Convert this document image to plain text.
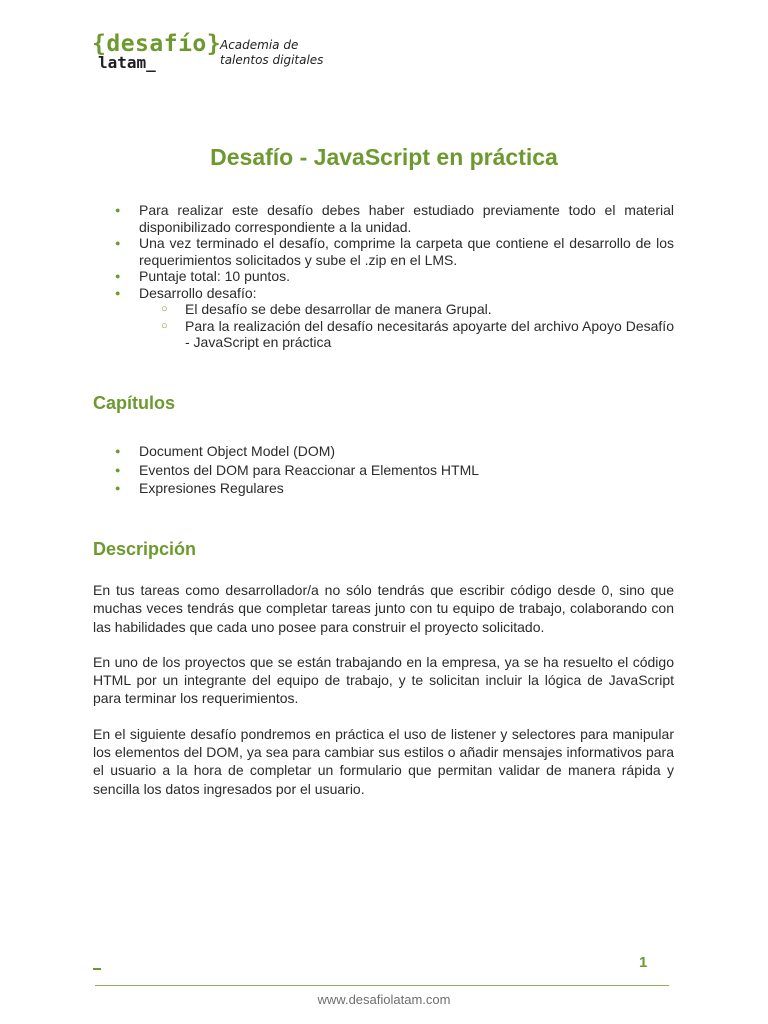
{desafío}
latam_
Academia de
talentos digitales
Desafío - JavaScript en práctica
● Para realizar este desafío debes haber estudiado previamente todo el material disponibilizado correspondiente a la unidad.
● Una vez terminado el desafío, comprime la carpeta que contiene el desarrollo de los requerimientos solicitados y sube el .zip en el LMS.
● Puntaje total: 10 puntos.
● Desarrollo desafío:
○ El desafío se debe desarrollar de manera Grupal.
○ Para la realización del desafío necesitarás apoyarte del archivo Apoyo Desafío - JavaScript en práctica
Capítulos
● Document Object Model (DOM)
● Eventos del DOM para Reaccionar a Elementos HTML
● Expresiones Regulares
Descripción

En tus tareas como desarrollador/a no sólo tendrás que escribir código desde 0, sino que muchas veces tendrás que completar tareas junto con tu equipo de trabajo, colaborando con las habilidades que cada uno posee para construir el proyecto solicitado.

En uno de los proyectos que se están trabajando en la empresa, ya se ha resuelto el código HTML por un integrante del equipo de trabajo, y te solicitan incluir la lógica de JavaScript para terminar los requerimientos.

En el siguiente desafío pondremos en práctica el uso de listener y selectores para manipular los elementos del DOM, ya sea para cambiar sus estilos o añadir mensajes informativos para el usuario a la hora de completar un formulario que permitan validar de manera rápida y sencilla los datos ingresados por el usuario.

1
www.desafiolatam.com
